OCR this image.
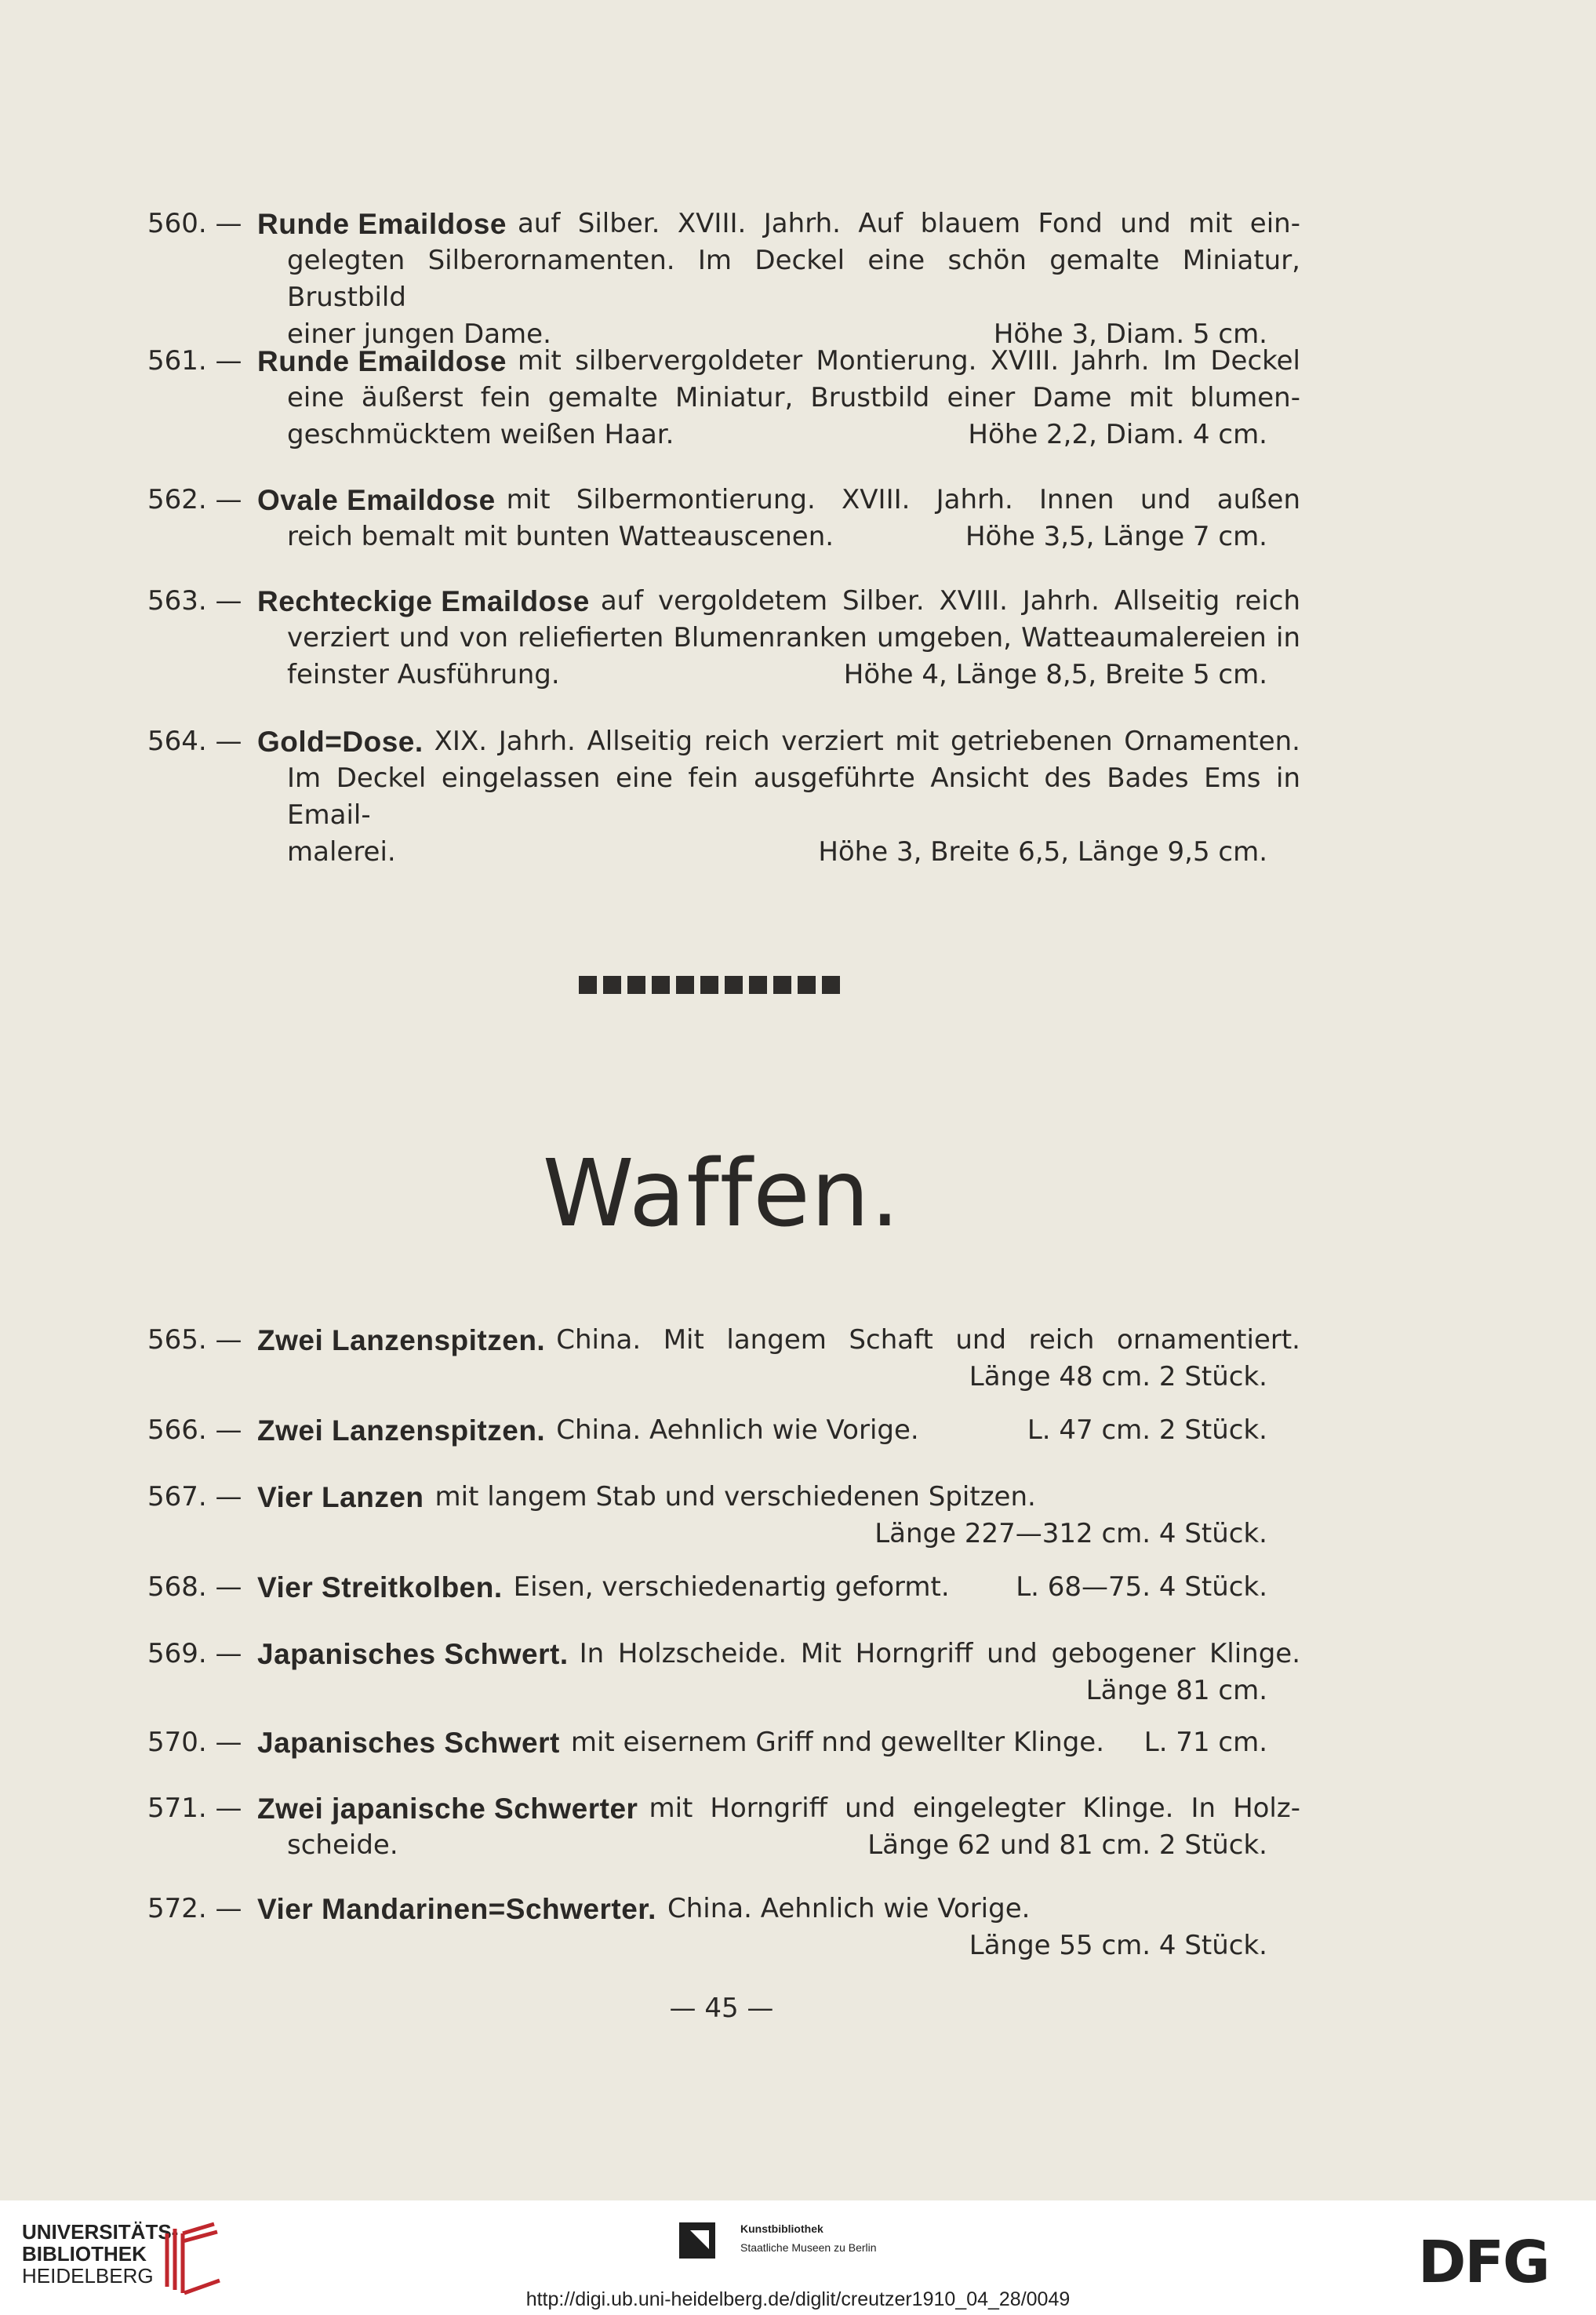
560. — Runde Emaildose auf Silber. XVIII. Jahrh. Auf blauem Fond und mit ein-
gelegten Silberornamenten. Im Deckel eine schön gemalte Miniatur, Brustbild
einer jungen Dame.	Höhe 3, Diam. 5 cm.
561. — Runde Emaildose mit silbervergoldeter Montierung. XVIII. Jahrh. Im Deckel
eine äußerst fein gemalte Miniatur, Brustbild einer Dame mit blumen-
geschmücktem weißen Haar.	Höhe 2,2, Diam. 4 cm.
562. — Ovale Emaildose mit Silbermontierung. XVIII. Jahrh. Innen und außen
reich bemalt mit bunten Watteauscenen.	Höhe 3,5, Länge 7 cm.
563. — Rechteckige Emaildose auf vergoldetem Silber. XVIII. Jahrh. Allseitig reich
verziert und von reliefierten Blumenranken umgeben, Watteaumalereien in
feinster Ausführung.	Höhe 4, Länge 8,5, Breite 5 cm.
564. — Gold=Dose. XIX. Jahrh. Allseitig reich verziert mit getriebenen Ornamenten.
Im Deckel eingelassen eine fein ausgeführte Ansicht des Bades Ems in Email-
malerei.	Höhe 3, Breite 6,5, Länge 9,5 cm.
Waffen.
565. — Zwei Lanzenspitzen. China. Mit langem Schaft und reich ornamentiert.
Länge 48 cm. 2 Stück.
566. — Zwei Lanzenspitzen. China. Aehnlich wie Vorige.	L. 47 cm. 2 Stück.
567. — Vier Lanzen mit langem Stab und verschiedenen Spitzen.
Länge 227—312 cm. 4 Stück.
568. — Vier Streitkolben. Eisen, verschiedenartig geformt.	L. 68—75. 4 Stück.
569. — Japanisches Schwert. In Holzscheide. Mit Horngriff und gebogener Klinge.
Länge 81 cm.
570. — Japanisches Schwert mit eisernem Griff nnd gewellter Klinge.	L. 71 cm.
571. — Zwei japanische Schwerter mit Horngriff und eingelegter Klinge. In Holz-
scheide.	Länge 62 und 81 cm. 2 Stück.
572. — Vier Mandarinen=Schwerter. China. Aehnlich wie Vorige.
Länge 55 cm. 4 Stück.
— 45 —
UNIVERSITÄTS-
BIBLIOTHEK
HEIDELBERG
Kunstbibliothek
Staatliche Museen zu Berlin	DFG
http://digi.ub.uni-heidelberg.de/diglit/creutzer1910_04_28/0049
